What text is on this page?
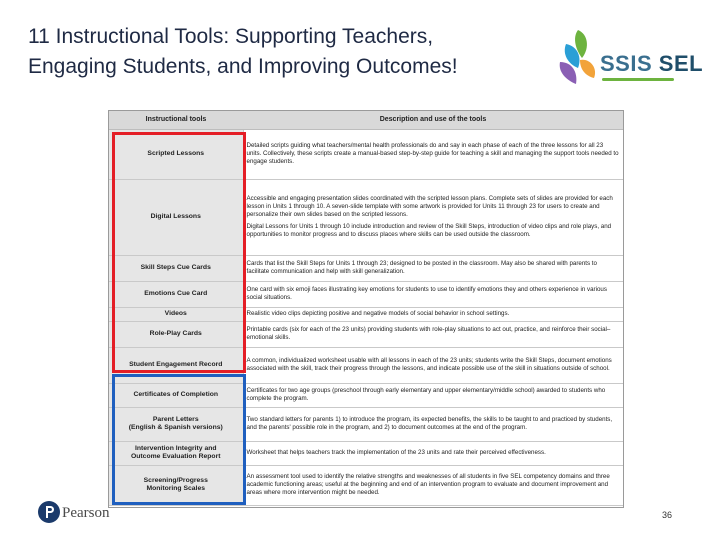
11 Instructional Tools: Supporting Teachers,
Engaging Students, and Improving Outcomes!	SSIS SEL
Instructional tools	Description and use of the tools
Scripted Lessons	Detailed scripts guiding what teachers/mental health professionals do and say in each phase of each of the three lessons for all 23 units. Collectively, these scripts create a manual-based step-by-step guide for teaching a skill and managing the support tools needed to engage students.
Digital Lessons	Accessible and engaging presentation slides coordinated with the scripted lesson plans. Complete sets of slides are provided for each lesson in Units 1 through 10. A seven-slide template with some artwork is provided for Units 11 through 23 for users to create and personalize their own slides based on the scripted lessons.
Digital Lessons for Units 1 through 10 include introduction and review of the Skill Steps, introduction of video clips and role plays, and opportunities to monitor progress and to discuss places where skills can be used outside the classroom.

Skill Steps Cue Cards	Cards that list the Skill Steps for Units 1 through 23; designed to be posted in the classroom. May also be shared with parents to facilitate communication and help with skill generalization.
Emotions Cue Card	One card with six emoji faces illustrating key emotions for students to use to identify emotions they and others experience in various social situations.
Videos	Realistic video clips depicting positive and negative models of social behavior in school settings.
Role-Play Cards	Printable cards (six for each of the 23 units) providing students with role-play situations to act out, practice, and reinforce their social–emotional skills.
Student Engagement Record	A common, individualized worksheet usable with all lessons in each of the 23 units; students write the Skill Steps, document emotions associated with the skill, track their progress through the lessons, and indicate possible use of the skill in situations outside of school.
Certificates of Completion	Certificates for two age groups (preschool through early elementary and upper elementary/middle school) awarded to students who complete the program.

Parent Letters
(English & Spanish versions)	Two standard letters for parents 1) to introduce the program, its expected benefits, the skills to be taught to and practiced by students, and the parents' possible role in the program, and 2) to document outcomes at the end of the program.

Intervention Integrity and
Outcome Evaluation Report	Worksheet that helps teachers track the implementation of the 23 units and rate their perceived effectiveness.

Screening/Progress
Monitoring Scales	An assessment tool used to identify the relative strengths and weaknesses of all students in five SEL competency domains and three academic functioning areas; useful at the beginning and end of an intervention program to evaluate and document improvement and areas where more intervention might be needed.
Pearson	36
